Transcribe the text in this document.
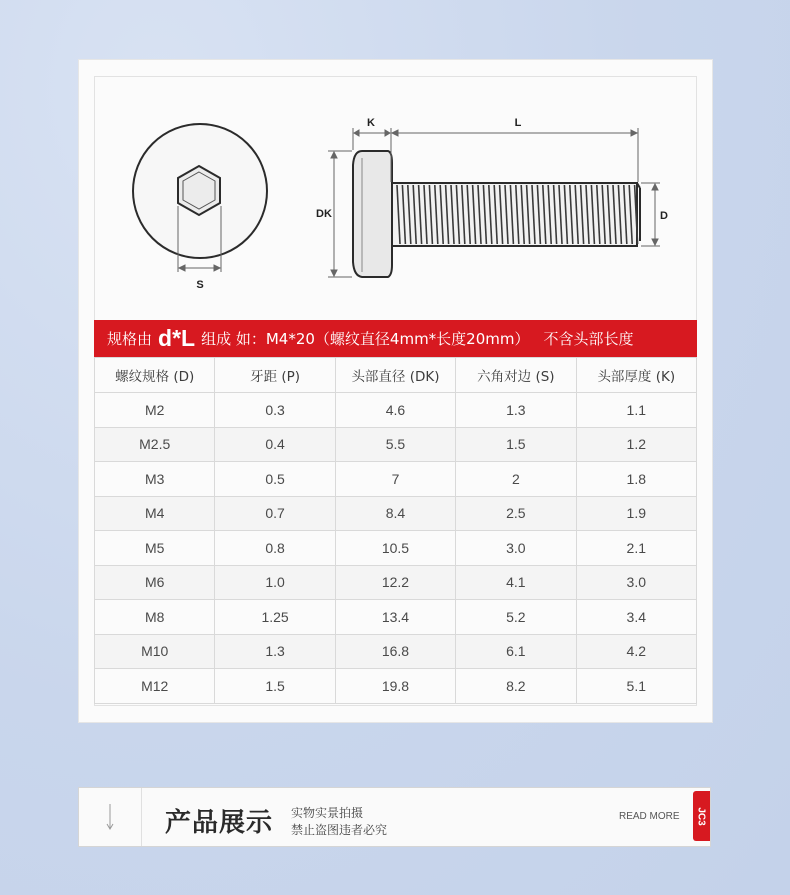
S
K	L
DK	D
规格由 d*L 组成 如：M4*20（螺纹直径4mm*长度20mm） 不含头部长度
螺纹规格 (D)	牙距 (P)	头部直径 (DK)	六角对边 (S)	头部厚度 (K)
M2	0.3	4.6	1.3	1.1
M2.5	0.4	5.5	1.5	1.2
M3	0.5	7	2	1.8
M4	0.7	8.4	2.5	1.9
M5	0.8	10.5	3.0	2.1
M6	1.0	12.2	4.1	3.0
M8	1.25	13.4	5.2	3.4
M10	1.3	16.8	6.1	4.2
M12	1.5	19.8	8.2	5.1
产品展示 实物实景拍摄
禁止盗图违者必究
READ MORE JC3
